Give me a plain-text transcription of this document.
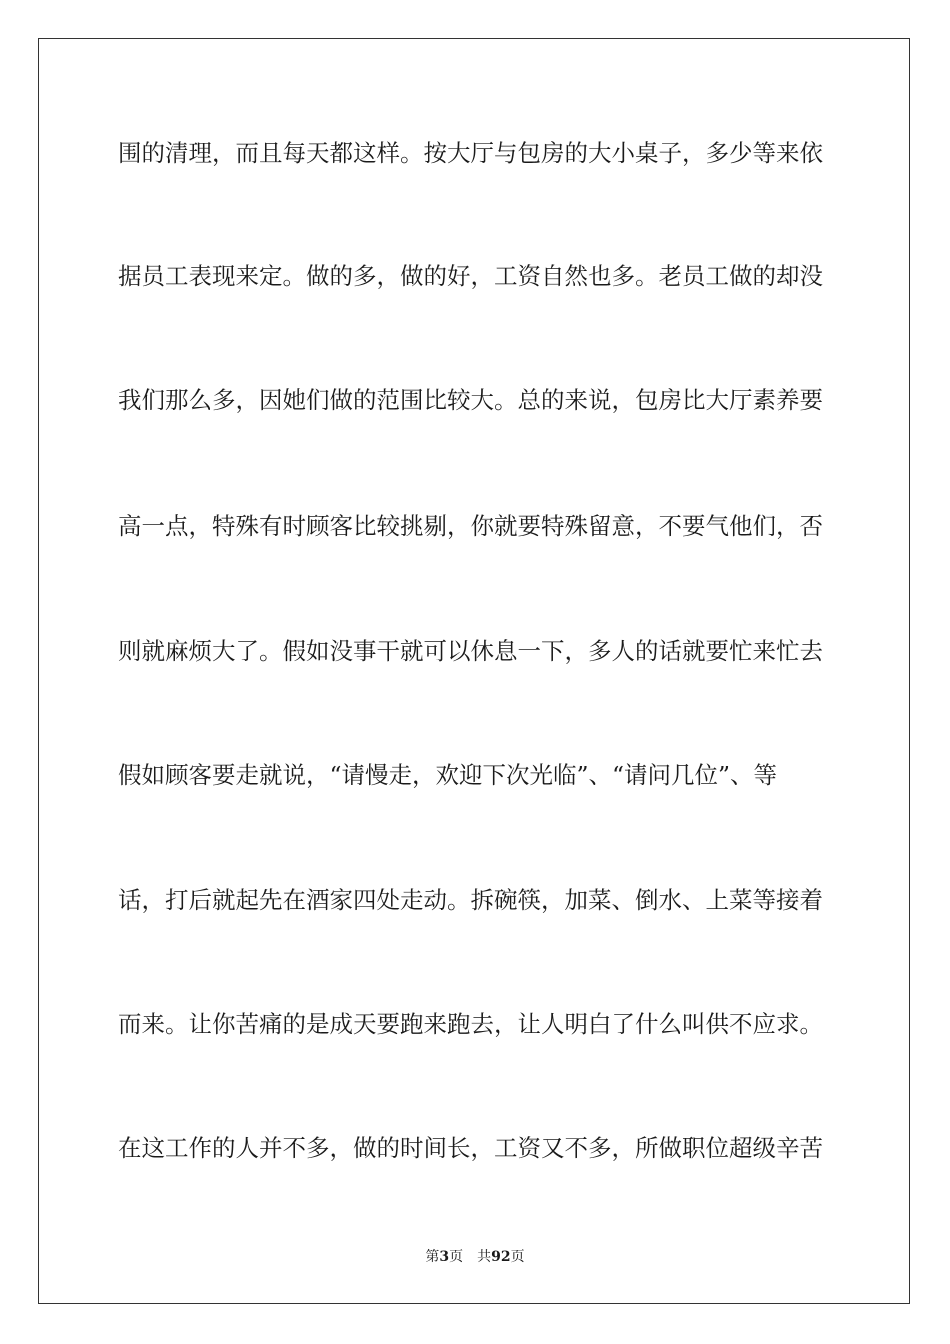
围的清理，而且每天都这样。按大厅与包房的大小桌子，多少等来依
据员工表现来定。做的多，做的好，工资自然也多。老员工做的却没
我们那么多，因她们做的范围比较大。总的来说，包房比大厅素养要
高一点，特殊有时顾客比较挑剔，你就要特殊留意，不要气他们，否
则就麻烦大了。假如没事干就可以休息一下，多人的话就要忙来忙去
假如顾客要走就说，“请慢走，欢迎下次光临”、“请问几位”、等
话，打后就起先在酒家四处走动。拆碗筷，加菜、倒水、上菜等接着
而来。让你苦痛的是成天要跑来跑去，让人明白了什么叫供不应求。
在这工作的人并不多，做的时间长，工资又不多，所做职位超级辛苦
第3页 共92页
